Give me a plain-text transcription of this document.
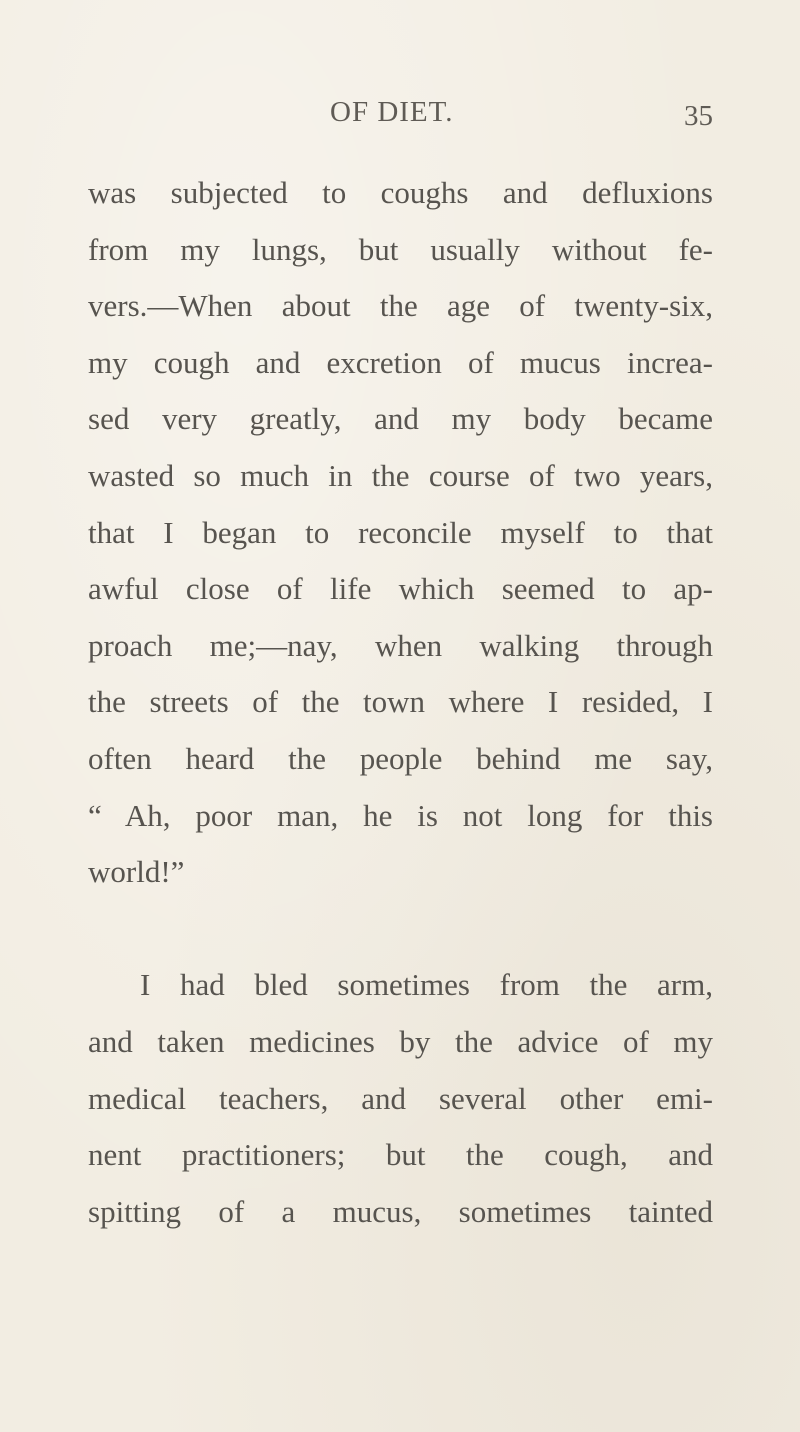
OF DIET.	35
was subjected to coughs and defluxions
from my lungs, but usually without fe-
vers.—When about the age of twenty-six,
my cough and excretion of mucus increa-
sed very greatly, and my body became
wasted so much in the course of two years,
that I began to reconcile myself to that
awful close of life which seemed to ap-
proach me;—nay, when walking through
the streets of the town where I resided, I
often heard the people behind me say,
“ Ah, poor man, he is not long for this
world!”
I had bled sometimes from the arm,
and taken medicines by the advice of my
medical teachers, and several other emi-
nent practitioners; but the cough, and
spitting of a mucus, sometimes tainted
